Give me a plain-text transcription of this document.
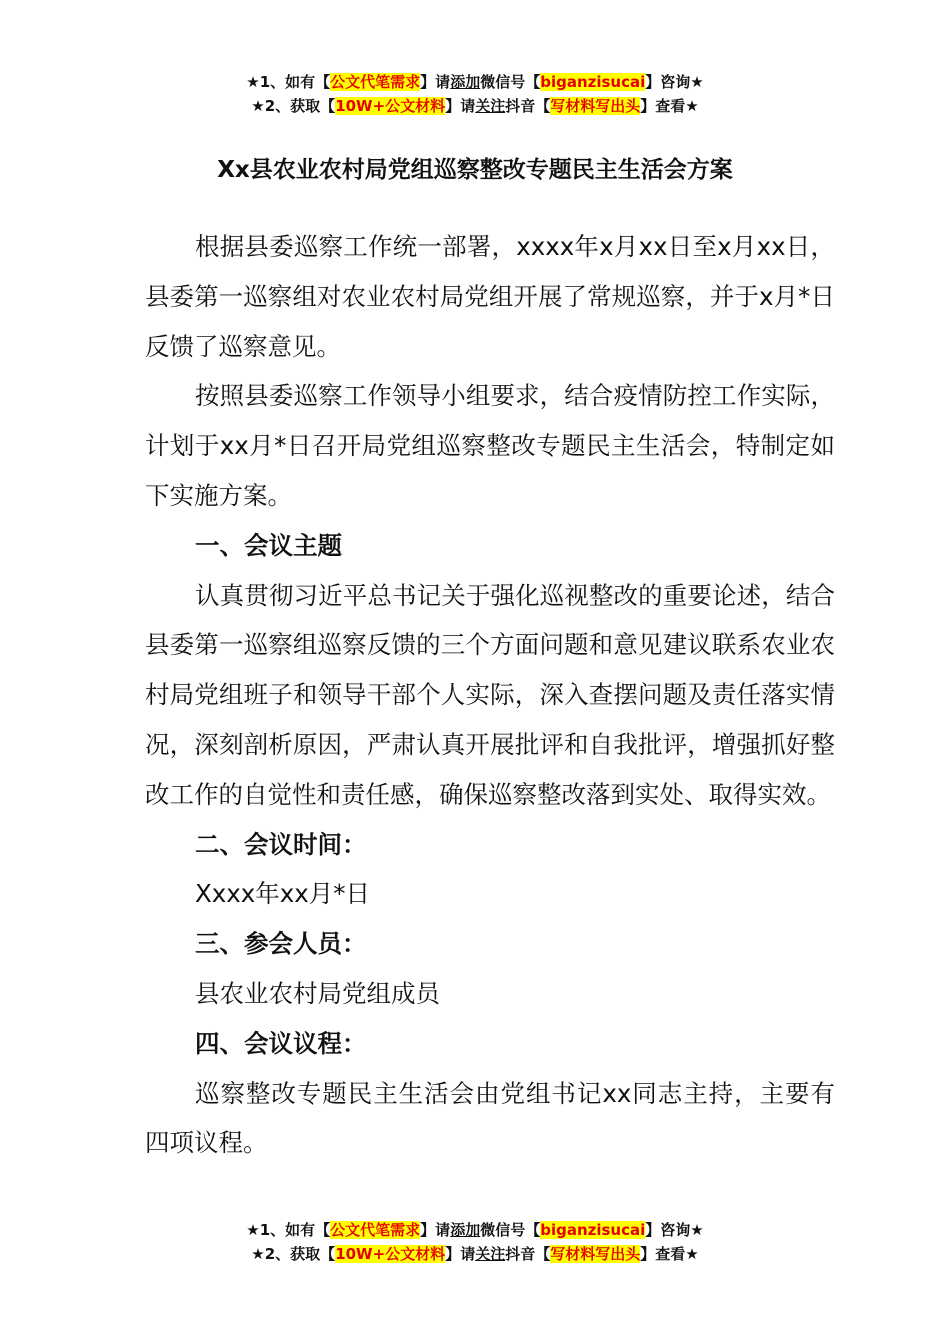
★1、如有【公文代笔需求】请添加微信号【biganzisucai】咨询★
★2、获取【10W+公文材料】请关注抖音【写材料写出头】查看★
Xx县农业农村局党组巡察整改专题民主生活会方案

根据县委巡察工作统一部署，xxxx年x月xx日至x月xx日，县委第一巡察组对农业农村局党组开展了常规巡察，并于x月*日反馈了巡察意见。

按照县委巡察工作领导小组要求，结合疫情防控工作实际，计划于xx月*日召开局党组巡察整改专题民主生活会，特制定如下实施方案。

一、会议主题

认真贯彻习近平总书记关于强化巡视整改的重要论述，结合县委第一巡察组巡察反馈的三个方面问题和意见建议联系农业农村局党组班子和领导干部个人实际，深入查摆问题及责任落实情况，深刻剖析原因，严肃认真开展批评和自我批评，增强抓好整改工作的自觉性和责任感，确保巡察整改落到实处、取得实效。

二、会议时间：

Xxxx年xx月*日

三、参会人员：

县农业农村局党组成员

四、会议议程：

巡察整改专题民主生活会由党组书记xx同志主持，主要有四项议程。

★1、如有【公文代笔需求】请添加微信号【biganzisucai】咨询★
★2、获取【10W+公文材料】请关注抖音【写材料写出头】查看★
